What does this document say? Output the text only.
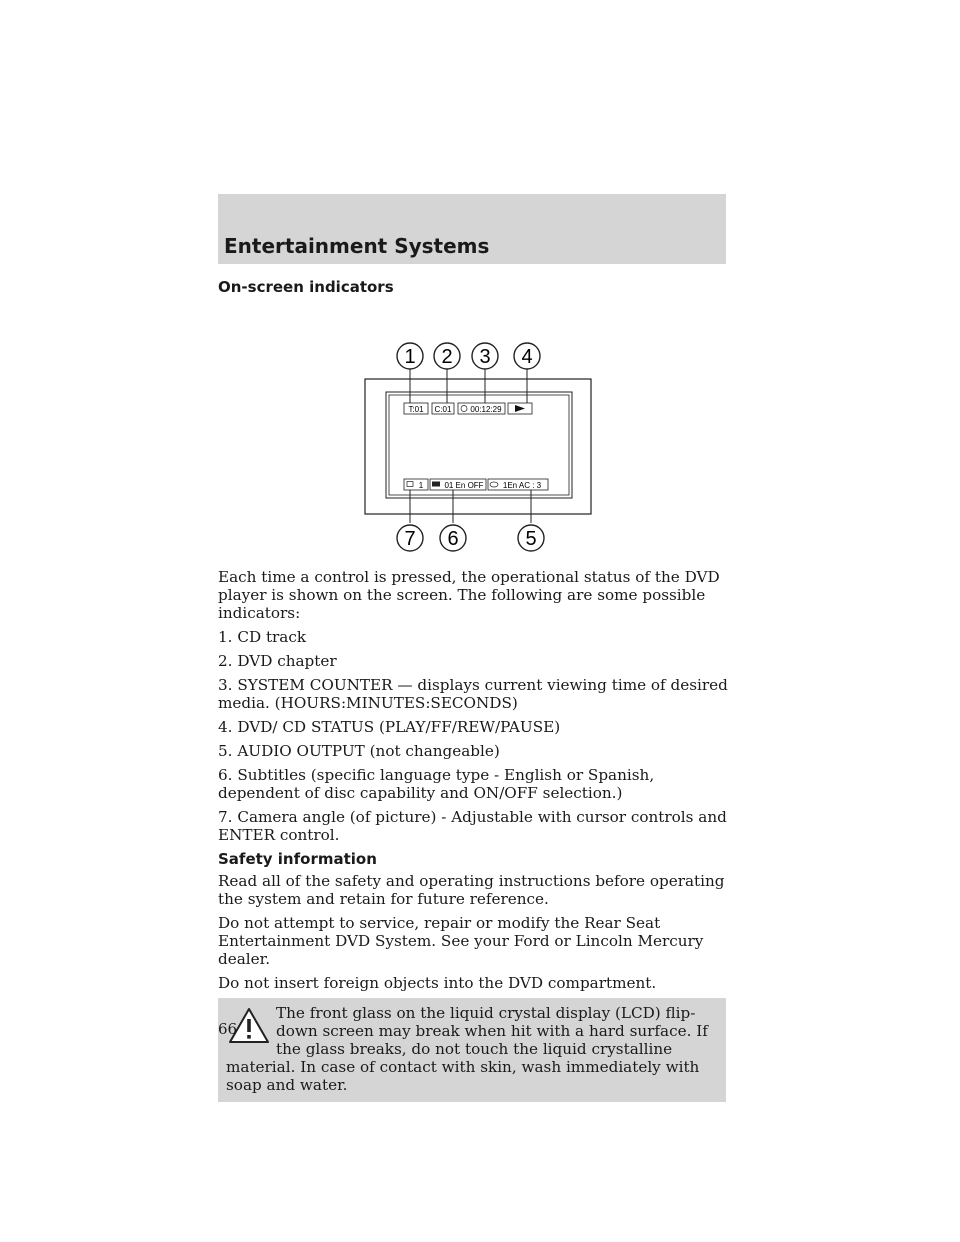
Entertainment Systems
On-screen indicators
1 2 3 4
T:01 C:01 00:12:29
1	01 En OFF 1En AC : 3
7 6	5

Each time a control is pressed, the operational status of the DVD player is shown on the screen. The following are some possible indicators:

1. CD track

2. DVD chapter

3. SYSTEM COUNTER — displays current viewing time of desired media. (HOURS:MINUTES:SECONDS)

4. DVD/ CD STATUS (PLAY/FF/REW/PAUSE)

5. AUDIO OUTPUT (not changeable)

6. Subtitles (specific language type - English or Spanish, dependent of disc capability and ON/OFF selection.)

7. Camera angle (of picture) - Adjustable with cursor controls and ENTER control.

Safety information

Read all of the safety and operating instructions before operating the system and retain for future reference.

Do not attempt to service, repair or modify the Rear Seat Entertainment DVD System. See your Ford or Lincoln Mercury dealer.

Do not insert foreign objects into the DVD compartment.

The front glass on the liquid crystal display (LCD) flip-down screen may break when hit with a hard surface. If the glass breaks, do not touch the liquid crystalline material. In case of contact with skin, wash immediately with soap and water.

66
